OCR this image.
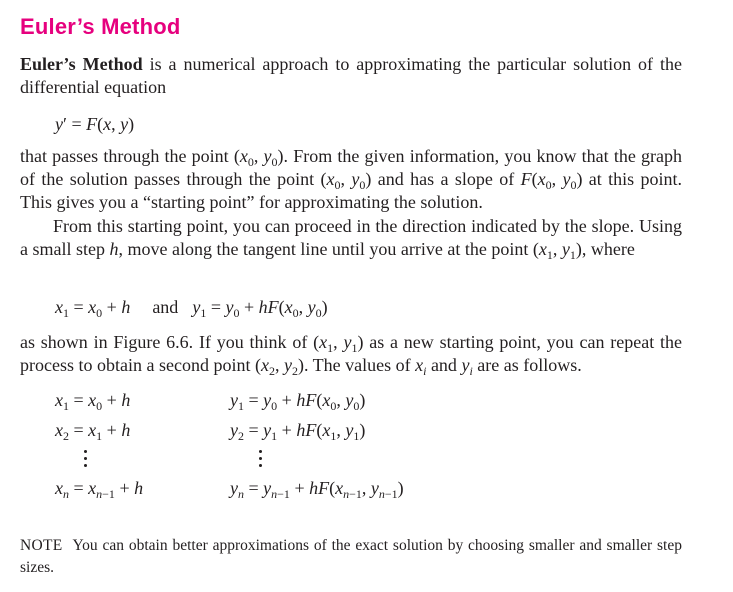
Euler’s Method
Euler’s Method is a numerical approach to approximating the particular solution of the differential equation
y′ = F(x, y)
that passes through the point ($x_0$, $y_0$). From the given information, you know that the graph of the solution passes through the point ($x_0$, $y_0$) and has a slope of $F(x_0$, $y_0$) at this point. This gives you a “starting point” for approximating the solution.
From this starting point, you can proceed in the direction indicated by the slope. Using a small step h, move along the tangent line until you arrive at the point ($x_1$, $y_1$), where
$x_1 = x_0 + h$ and $y_1 = y_0 + hF(x_0$, $y_0$)
as shown in Figure 6.6. If you think of ($x_1$, $y_1$) as a new starting point, you can repeat the process to obtain a second point ($x_2$, $y_2$). The values of $x_i$ and $y_i$ are as follows.
$x_1 = x_0 + h$
$x_2 = x_1 + h$
$x_n = x_{n-1} + h$
$y_1 = y_0 + hF(x_0$, $y_0$)
$y_2 = y_1 + hF(x_1$, $y_1$)
$y_n = y_{n-1} + hF(x_{n-1}$, $y_{n-1}$)
NOTE You can obtain better approximations of the exact solution by choosing smaller and smaller step sizes.
